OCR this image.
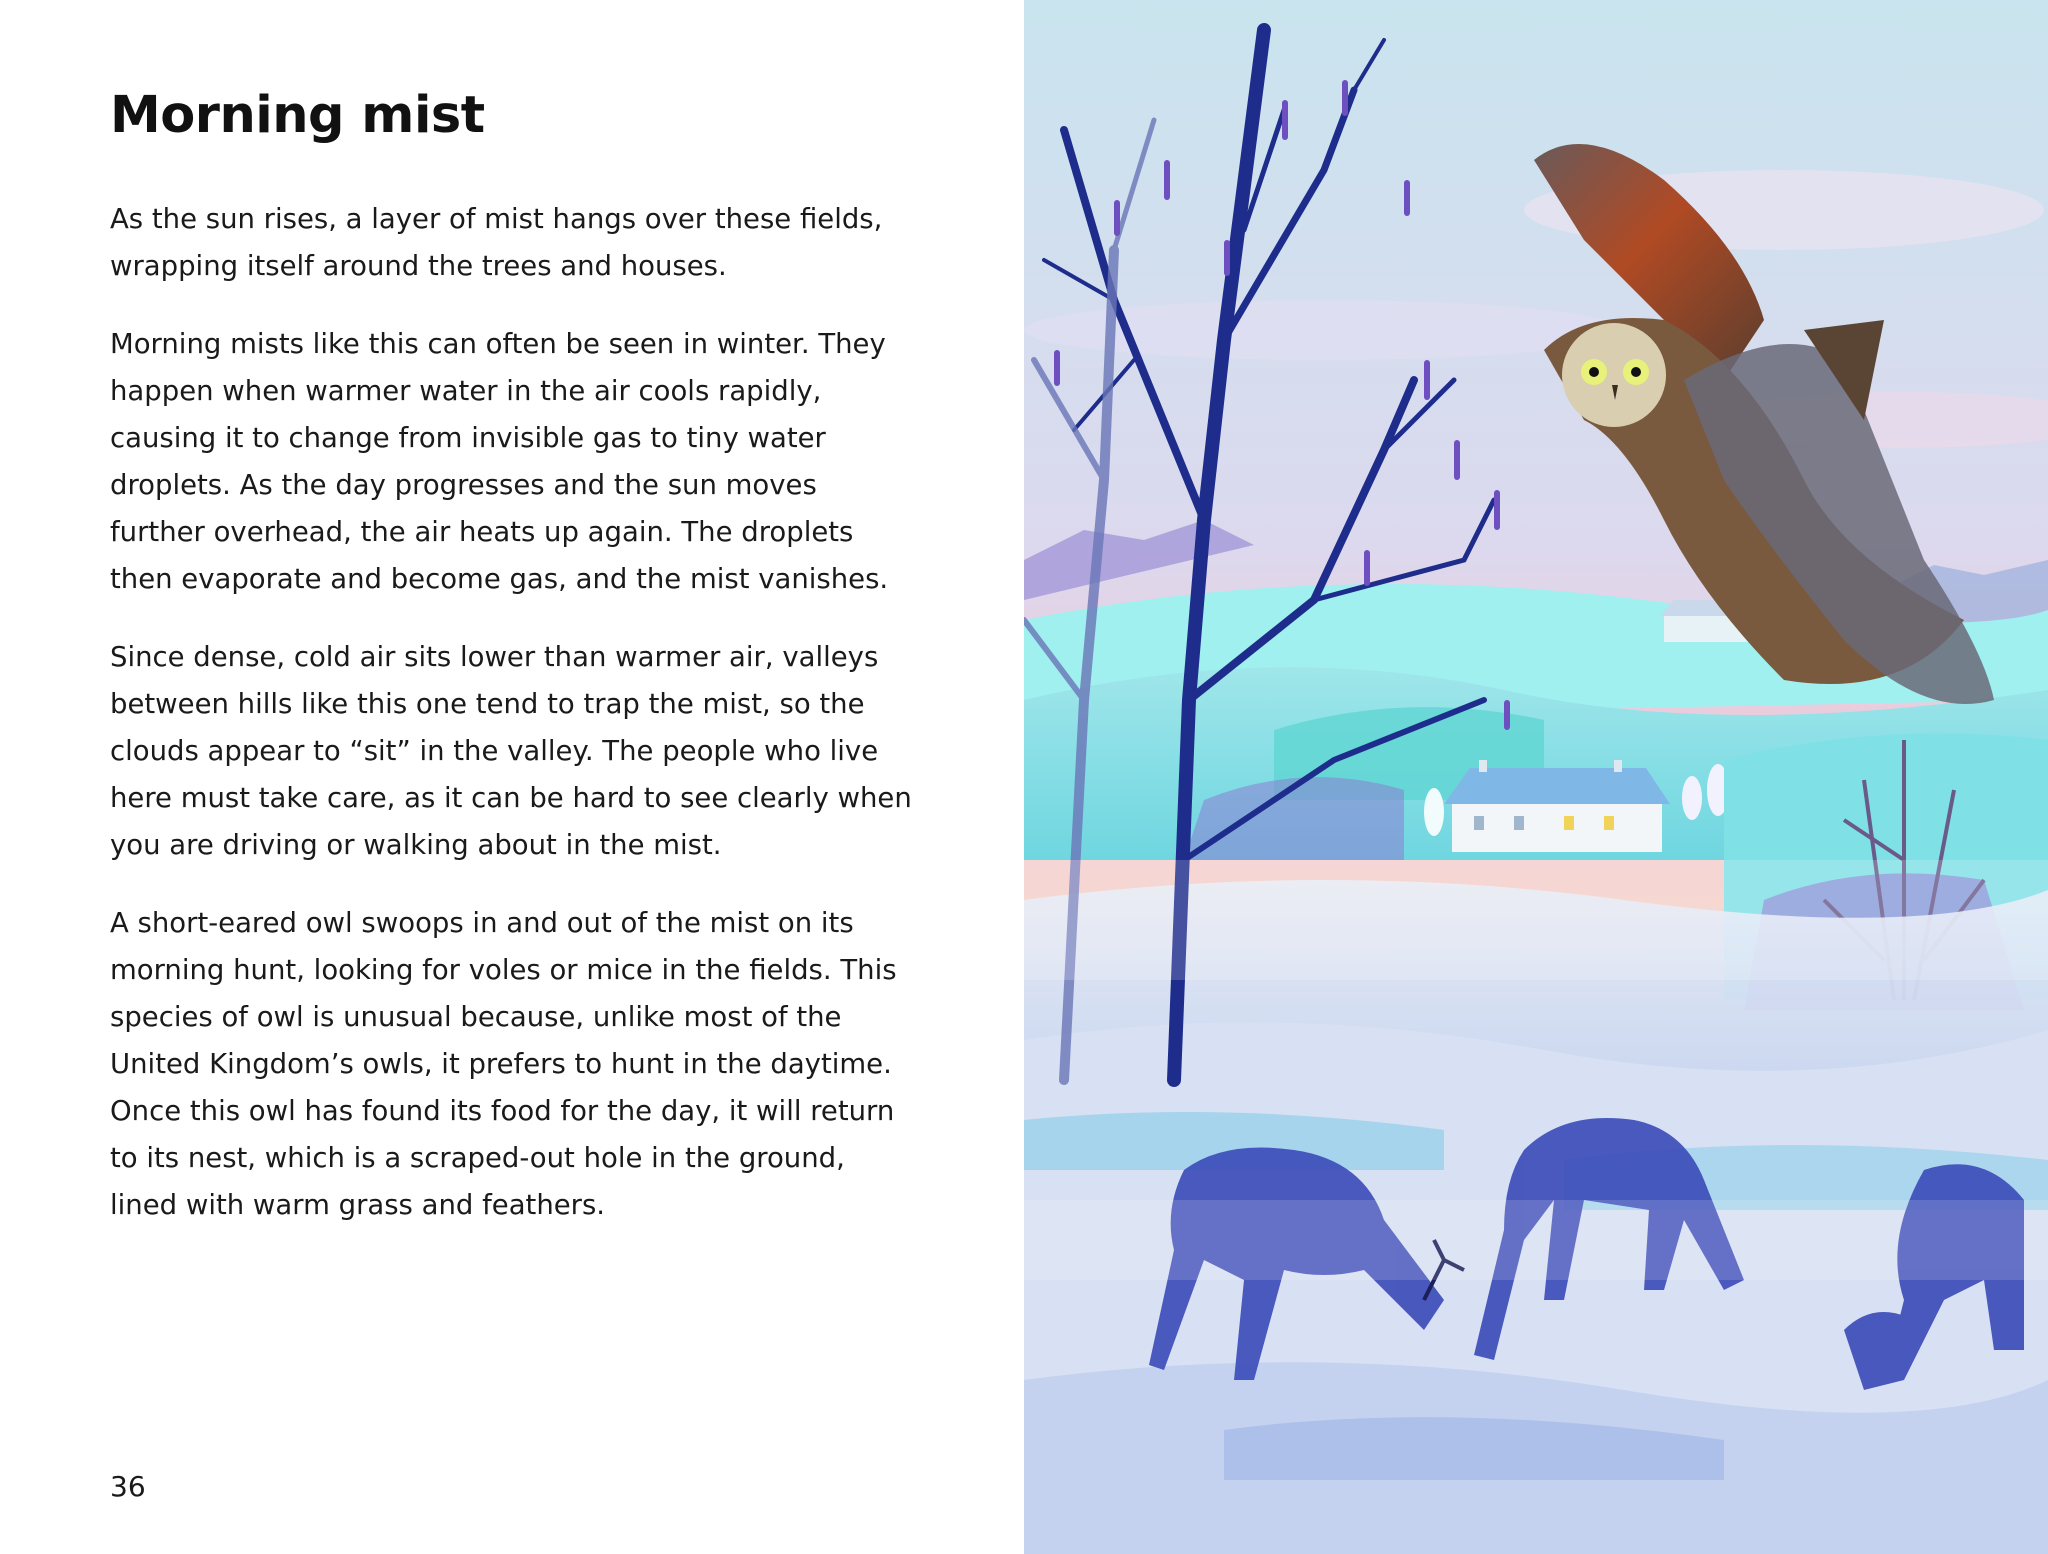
Morning mist

As the sun rises, a layer of mist hangs over these fields, wrapping itself around the trees and houses.

Morning mists like this can often be seen in winter. They happen when warmer water in the air cools rapidly, causing it to change from invisible gas to tiny water droplets. As the day progresses and the sun moves further overhead, the air heats up again. The droplets then evaporate and become gas, and the mist vanishes.

Since dense, cold air sits lower than warmer air, valleys between hills like this one tend to trap the mist, so the clouds appear to “sit” in the valley. The people who live here must take care, as it can be hard to see clearly when you are driving or walking about in the mist.

A short-eared owl swoops in and out of the mist on its morning hunt, looking for voles or mice in the fields. This species of owl is unusual because, unlike most of the United Kingdom’s owls, it prefers to hunt in the daytime. Once this owl has found its food for the day, it will return to its nest, which is a scraped-out hole in the ground, lined with warm grass and feathers.

36
